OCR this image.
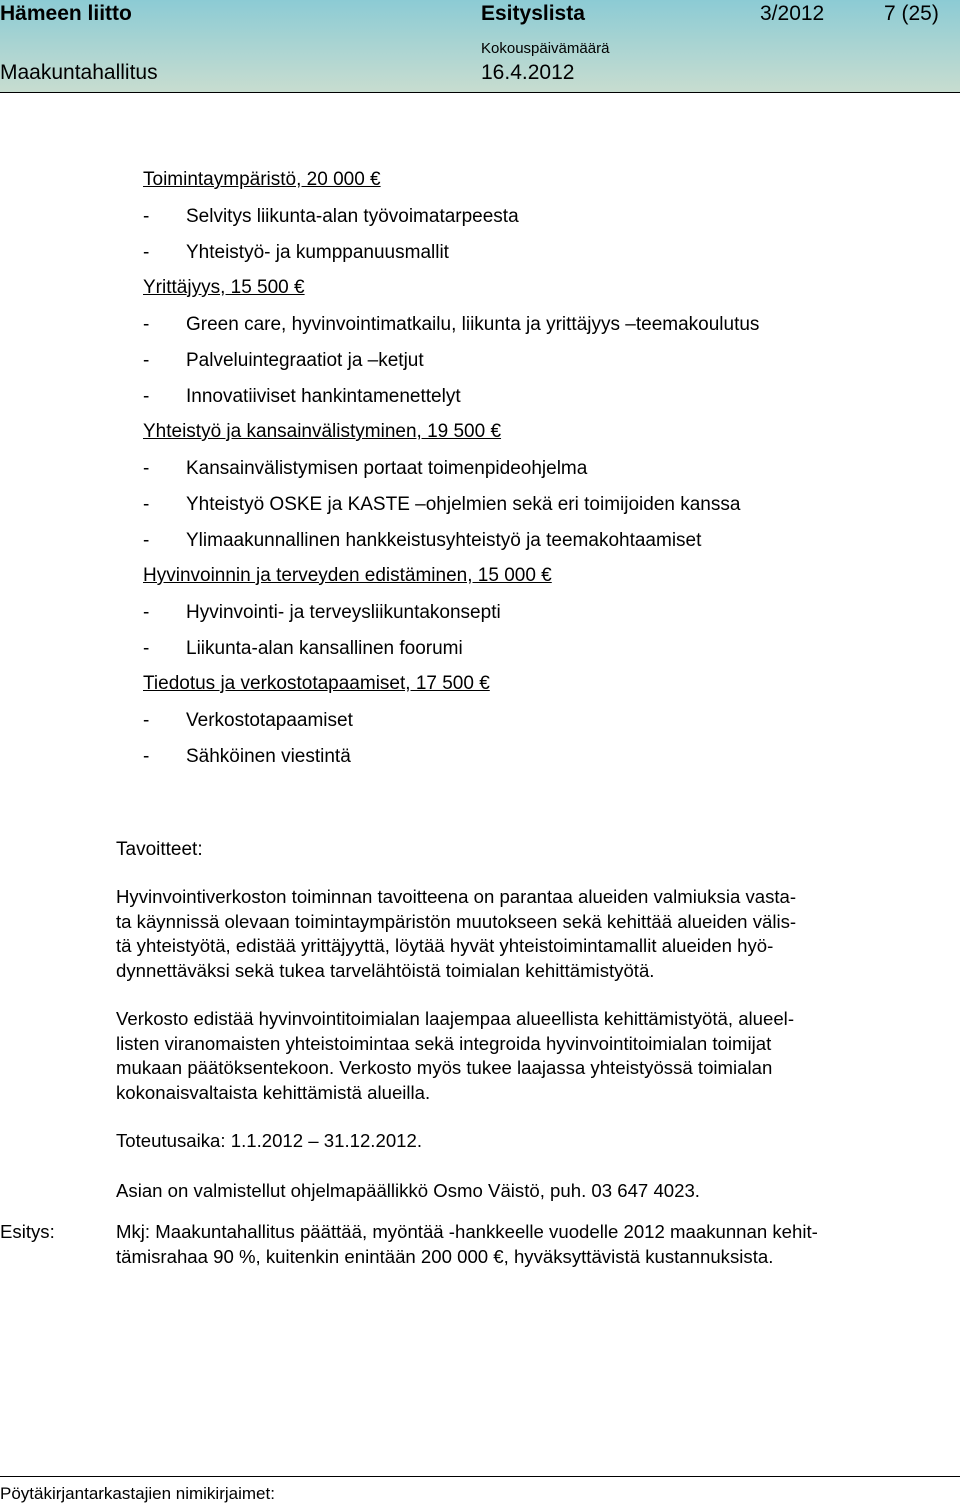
Hämeen liitto	Esityslista	3/2012	7 (25)
Kokouspäivämäärä
Maakuntahallitus	16.4.2012
Toimintaympäristö, 20 000 €
- Selvitys liikunta-alan työvoimatarpeesta
- Yhteistyö- ja kumppanuusmallit
Yrittäjyys, 15 500 €
- Green care, hyvinvointimatkailu, liikunta ja yrittäjyys –teemakoulutus
- Palveluintegraatiot ja –ketjut
- Innovatiiviset hankintamenettelyt
Yhteistyö ja kansainvälistyminen, 19 500 €
- Kansainvälistymisen portaat toimenpideohjelma
- Yhteistyö OSKE ja KASTE –ohjelmien sekä eri toimijoiden kanssa
- Ylimaakunnallinen hankkeistusyhteistyö ja teemakohtaamiset
Hyvinvoinnin ja terveyden edistäminen, 15 000 €
- Hyvinvointi- ja terveysliikuntakonsepti
- Liikunta-alan kansallinen foorumi
Tiedotus ja verkostotapaamiset, 17 500 €
- Verkostotapaamiset
- Sähköinen viestintä
Tavoitteet:
Hyvinvointiverkoston toiminnan tavoitteena on parantaa alueiden valmiuksia vasta-
ta käynnissä olevaan toimintaympäristön muutokseen sekä kehittää alueiden välis-
tä yhteistyötä, edistää yrittäjyyttä, löytää hyvät yhteistoimintamallit alueiden hyö-
dynnettäväksi sekä tukea tarvelähtöistä toimialan kehittämistyötä.
Verkosto edistää hyvinvointitoimialan laajempaa alueellista kehittämistyötä, alueel-
listen viranomaisten yhteistoimintaa sekä integroida hyvinvointitoimialan toimijat
mukaan päätöksentekoon. Verkosto myös tukee laajassa yhteistyössä toimialan
kokonaisvaltaista kehittämistä alueilla.
Toteutusaika: 1.1.2012 – 31.12.2012.
Asian on valmistellut ohjelmapäällikkö Osmo Väistö, puh. 03 647 4023.
Esitys:	Mkj: Maakuntahallitus päättää, myöntää -hankkeelle vuodelle 2012 maakunnan kehit-
tämisrahaa 90 %, kuitenkin enintään 200 000 €, hyväksyttävistä kustannuksista.
Pöytäkirjantarkastajien nimikirjaimet:
